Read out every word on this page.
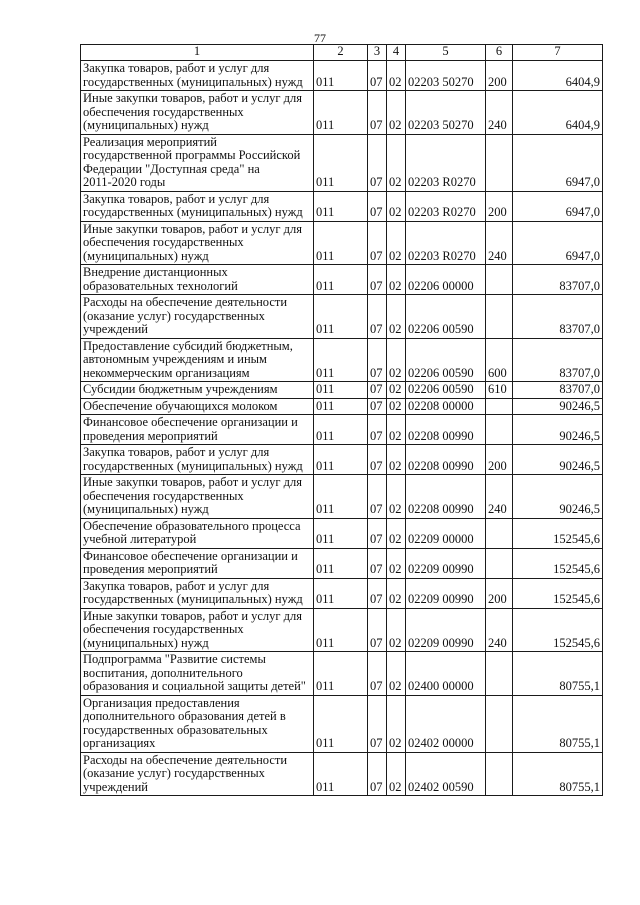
77
1	2	3	4	5	6	7
Закупка товаров, работ и услуг для
государственных (муниципальных) нужд	011	07	02	02203 50270	200	6404,9
Иные закупки товаров, работ и услуг для
обеспечения государственных
(муниципальных) нужд	011	07	02	02203 50270	240	6404,9
Реализация мероприятий
государственной программы Российской
Федерации "Доступная среда" на
2011-2020 годы	011	07	02	02203 R0270		6947,0
Закупка товаров, работ и услуг для
государственных (муниципальных) нужд	011	07	02	02203 R0270	200	6947,0
Иные закупки товаров, работ и услуг для
обеспечения государственных
(муниципальных) нужд	011	07	02	02203 R0270	240	6947,0
Внедрение дистанционных
образовательных технологий	011	07	02	02206 00000		83707,0
Расходы на обеспечение деятельности
(оказание услуг) государственных
учреждений	011	07	02	02206 00590		83707,0
Предоставление субсидий бюджетным,
автономным учреждениям и иным
некоммерческим организациям	011	07	02	02206 00590	600	83707,0
Субсидии бюджетным учреждениям	011	07	02	02206 00590	610	83707,0
Обеспечение обучающихся молоком	011	07	02	02208 00000		90246,5
Финансовое обеспечение организации и
проведения мероприятий	011	07	02	02208 00990		90246,5
Закупка товаров, работ и услуг для
государственных (муниципальных) нужд	011	07	02	02208 00990	200	90246,5
Иные закупки товаров, работ и услуг для
обеспечения государственных
(муниципальных) нужд	011	07	02	02208 00990	240	90246,5
Обеспечение образовательного процесса
учебной литературой	011	07	02	02209 00000		152545,6
Финансовое обеспечение организации и
проведения мероприятий	011	07	02	02209 00990		152545,6
Закупка товаров, работ и услуг для
государственных (муниципальных) нужд	011	07	02	02209 00990	200	152545,6
Иные закупки товаров, работ и услуг для
обеспечения государственных
(муниципальных) нужд	011	07	02	02209 00990	240	152545,6
Подпрограмма "Развитие системы
воспитания, дополнительного
образования и социальной защиты детей"	011	07	02	02400 00000		80755,1
Организация предоставления
дополнительного образования детей в
государственных образовательных
организациях	011	07	02	02402 00000		80755,1
Расходы на обеспечение деятельности
(оказание услуг) государственных
учреждений	011	07	02	02402 00590		80755,1
